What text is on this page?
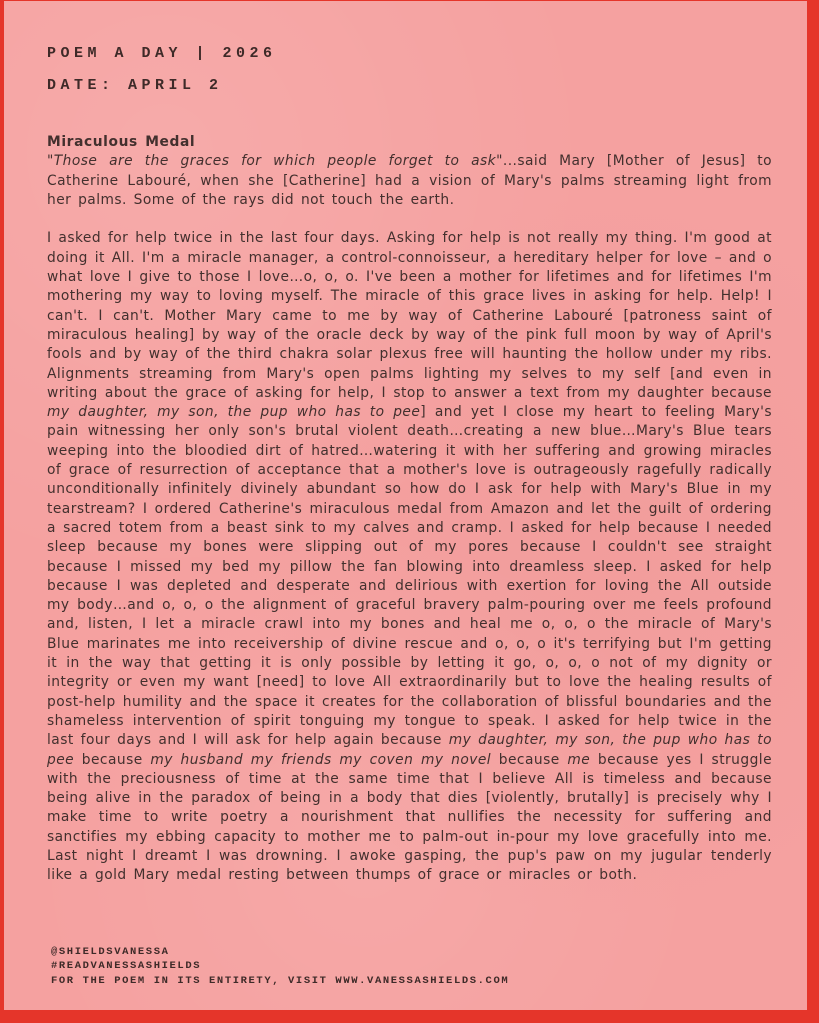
POEM A DAY | 2026
DATE: APRIL 2
Miraculous Medal
"Those are the graces for which people forget to ask"...said Mary [Mother of Jesus] to Catherine Labouré, when she [Catherine] had a vision of Mary's palms streaming light from her palms. Some of the rays did not touch the earth.
I asked for help twice in the last four days. Asking for help is not really my thing. I'm good at doing it All. I'm a miracle manager, a control-connoisseur, a hereditary helper for love – and o what love I give to those I love…o, o, o. I've been a mother for lifetimes and for lifetimes I'm mothering my way to loving myself. The miracle of this grace lives in asking for help. Help! I can't. I can't. Mother Mary came to me by way of Catherine Labouré [patroness saint of miraculous healing] by way of the oracle deck by way of the pink full moon by way of April's fools and by way of the third chakra solar plexus free will haunting the hollow under my ribs. Alignments streaming from Mary's open palms lighting my selves to my self [and even in writing about the grace of asking for help, I stop to answer a text from my daughter because my daughter, my son, the pup who has to pee] and yet I close my heart to feeling Mary's pain witnessing her only son's brutal violent death…creating a new blue…Mary's Blue tears weeping into the bloodied dirt of hatred…watering it with her suffering and growing miracles of grace of resurrection of acceptance that a mother's love is outrageously ragefully radically unconditionally infinitely divinely abundant so how do I ask for help with Mary's Blue in my tearstream? I ordered Catherine's miraculous medal from Amazon and let the guilt of ordering a sacred totem from a beast sink to my calves and cramp. I asked for help because I needed sleep because my bones were slipping out of my pores because I couldn't see straight because I missed my bed my pillow the fan blowing into dreamless sleep. I asked for help because I was depleted and desperate and delirious with exertion for loving the All outside my body…and o, o, o the alignment of graceful bravery palm-pouring over me feels profound and, listen, I let a miracle crawl into my bones and heal me o, o, o the miracle of Mary's Blue marinates me into receivership of divine rescue and o, o, o it's terrifying but I'm getting it in the way that getting it is only possible by letting it go, o, o, o not of my dignity or integrity or even my want [need] to love All extraordinarily but to love the healing results of post-help humility and the space it creates for the collaboration of blissful boundaries and the shameless intervention of spirit tonguing my tongue to speak. I asked for help twice in the last four days and I will ask for help again because my daughter, my son, the pup who has to pee because my husband my friends my coven my novel because me because yes I struggle with the preciousness of time at the same time that I believe All is timeless and because being alive in the paradox of being in a body that dies [violently, brutally] is precisely why I make time to write poetry a nourishment that nullifies the necessity for suffering and sanctifies my ebbing capacity to mother me to palm-out in-pour my love gracefully into me. Last night I dreamt I was drowning. I awoke gasping, the pup's paw on my jugular tenderly like a gold Mary medal resting between thumps of grace or miracles or both.
@SHIELDSVANESSA
#READVANESSASHIELDS
FOR THE POEM IN ITS ENTIRETY, VISIT WWW.VANESSASHIELDS.COM
